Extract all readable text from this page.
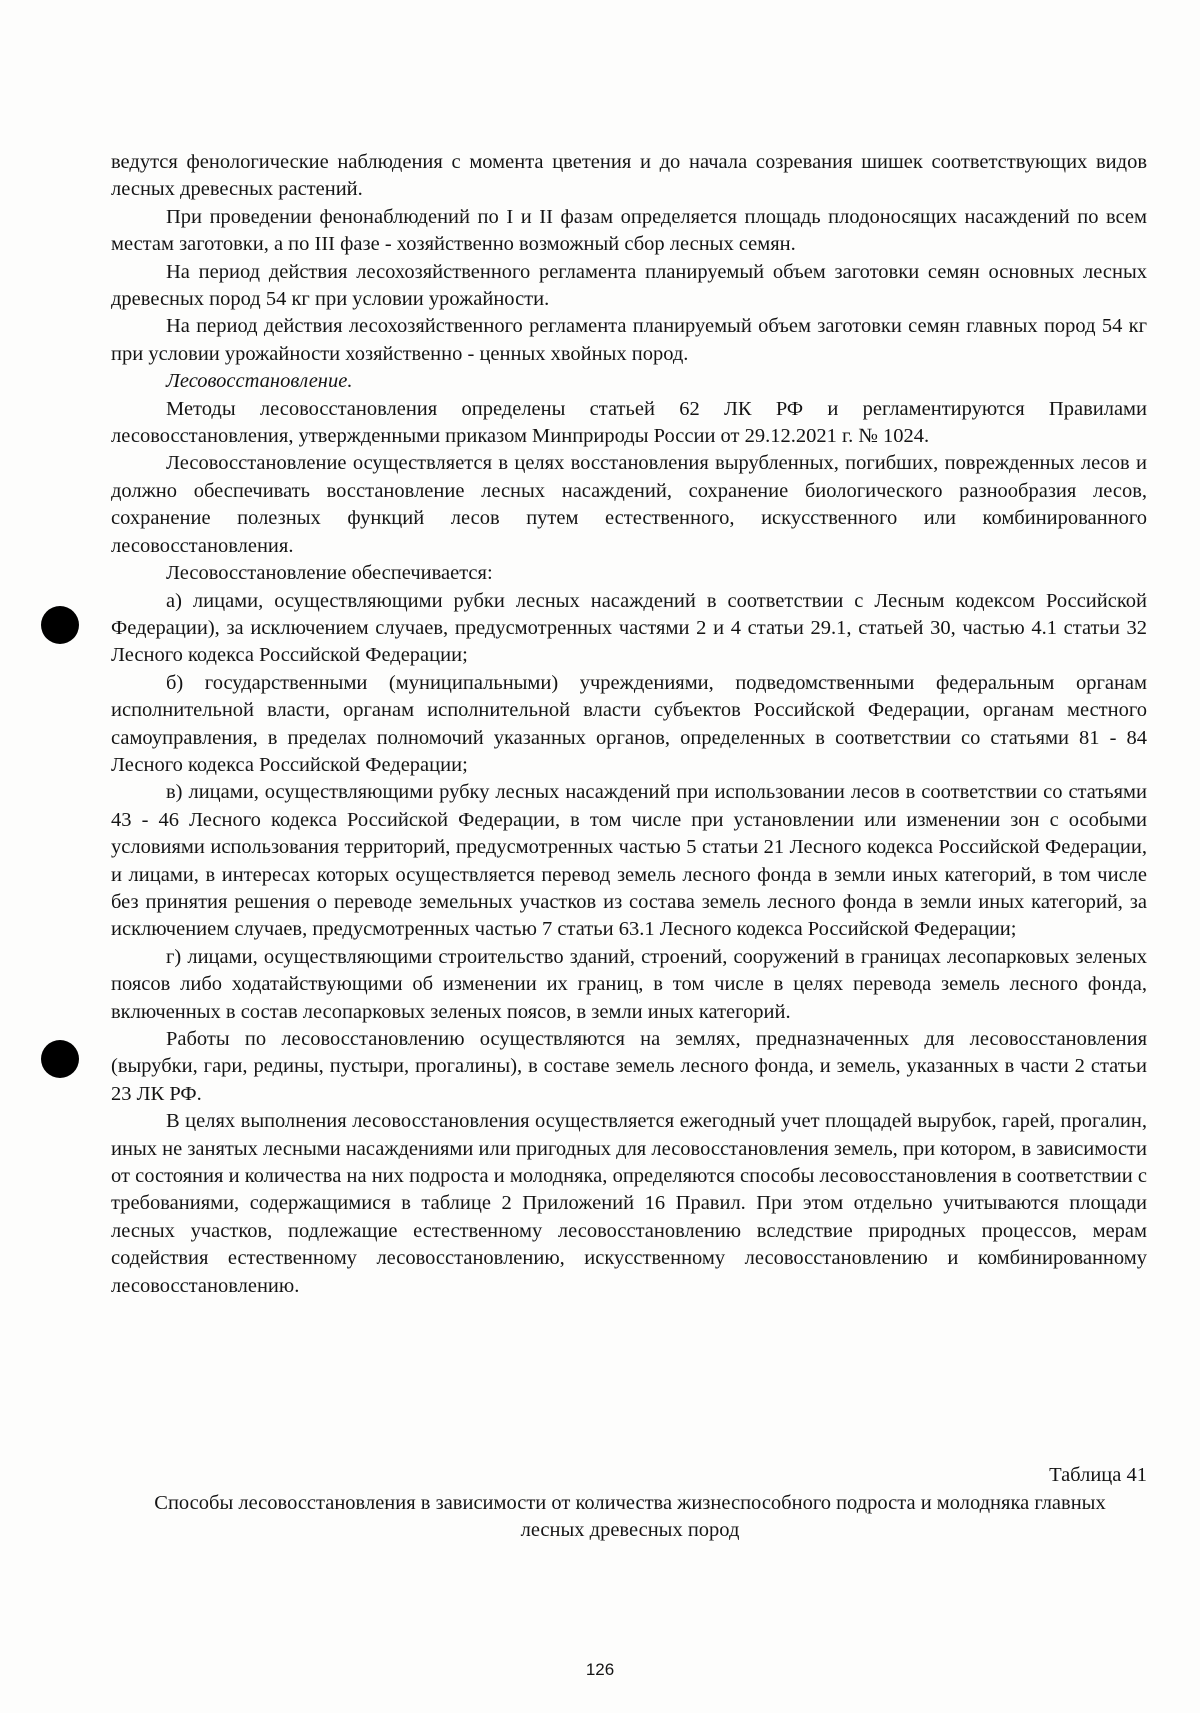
ведутся фенологические наблюдения с момента цветения и до начала созревания шишек соответствующих видов лесных древесных растений.

При проведении фенонаблюдений по I и II фазам определяется площадь плодоносящих насаждений по всем местам заготовки, а по III фазе - хозяйственно возможный сбор лесных семян.

На период действия лесохозяйственного регламента планируемый объем заготовки семян основных лесных древесных пород 54 кг при условии урожайности.

На период действия лесохозяйственного регламента планируемый объем заготовки семян главных пород 54 кг при условии урожайности хозяйственно - ценных хвойных пород.

Лесовосстановление.

Методы лесовосстановления определены статьей 62 ЛК РФ и регламентируются Правилами лесовосстановления, утвержденными приказом Минприроды России от 29.12.2021 г. № 1024.

Лесовосстановление осуществляется в целях восстановления вырубленных, погибших, поврежденных лесов и должно обеспечивать восстановление лесных насаждений, сохранение биологического разнообразия лесов, сохранение полезных функций лесов путем естественного, искусственного или комбинированного лесовосстановления.

Лесовосстановление обеспечивается:

а) лицами, осуществляющими рубки лесных насаждений в соответствии с Лесным кодексом Российской Федерации), за исключением случаев, предусмотренных частями 2 и 4 статьи 29.1, статьей 30, частью 4.1 статьи 32 Лесного кодекса Российской Федерации;

б) государственными (муниципальными) учреждениями, подведомственными федеральным органам исполнительной власти, органам исполнительной власти субъектов Российской Федерации, органам местного самоуправления, в пределах полномочий указанных органов, определенных в соответствии со статьями 81 - 84 Лесного кодекса Российской Федерации;

в) лицами, осуществляющими рубку лесных насаждений при использовании лесов в соответствии со статьями 43 - 46 Лесного кодекса Российской Федерации, в том числе при установлении или изменении зон с особыми условиями использования территорий, предусмотренных частью 5 статьи 21 Лесного кодекса Российской Федерации, и лицами, в интересах которых осуществляется перевод земель лесного фонда в земли иных категорий, в том числе без принятия решения о переводе земельных участков из состава земель лесного фонда в земли иных категорий, за исключением случаев, предусмотренных частью 7 статьи 63.1 Лесного кодекса Российской Федерации;

г) лицами, осуществляющими строительство зданий, строений, сооружений в границах лесопарковых зеленых поясов либо ходатайствующими об изменении их границ, в том числе в целях перевода земель лесного фонда, включенных в состав лесопарковых зеленых поясов, в земли иных категорий.

Работы по лесовосстановлению осуществляются на землях, предназначенных для лесовосстановления (вырубки, гари, редины, пустыри, прогалины), в составе земель лесного фонда, и земель, указанных в части 2 статьи 23 ЛК РФ.

В целях выполнения лесовосстановления осуществляется ежегодный учет площадей вырубок, гарей, прогалин, иных не занятых лесными насаждениями или пригодных для лесовосстановления земель, при котором, в зависимости от состояния и количества на них подроста и молодняка, определяются способы лесовосстановления в соответствии с требованиями, содержащимися в таблице 2 Приложений 16 Правил. При этом отдельно учитываются площади лесных участков, подлежащие естественному лесовосстановлению вследствие природных процессов, мерам содействия естественному лесовосстановлению, искусственному лесовосстановлению и комбинированному лесовосстановлению.

Таблица 41
Способы лесовосстановления в зависимости от количества жизнеспособного подроста и молодняка главных лесных древесных пород
126
